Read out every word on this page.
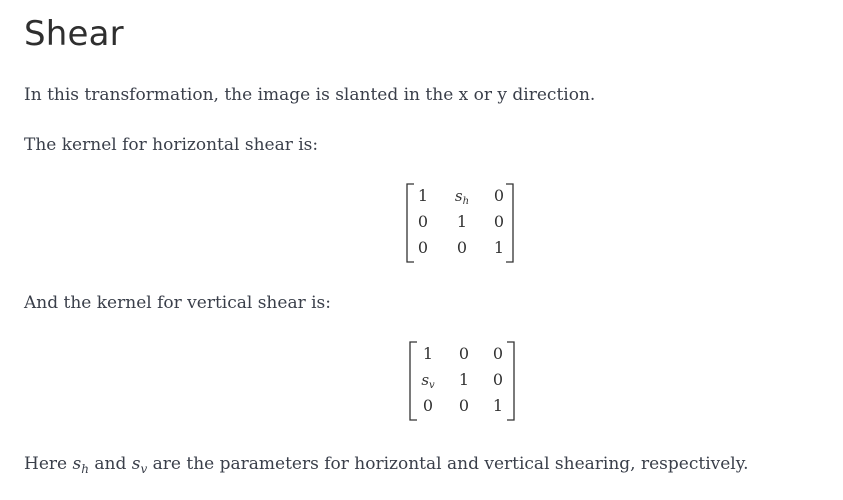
Shear

In this transformation, the image is slanted in the x or y direction.

The kernel for horizontal shear is:

1 sh 0
0 1 0
0 0 1

And the kernel for vertical shear is:

1 0 0
sv 1 0
0 0 1

Here $s_h$ and $s_v$ are the parameters for horizontal and vertical shearing, respectively.
